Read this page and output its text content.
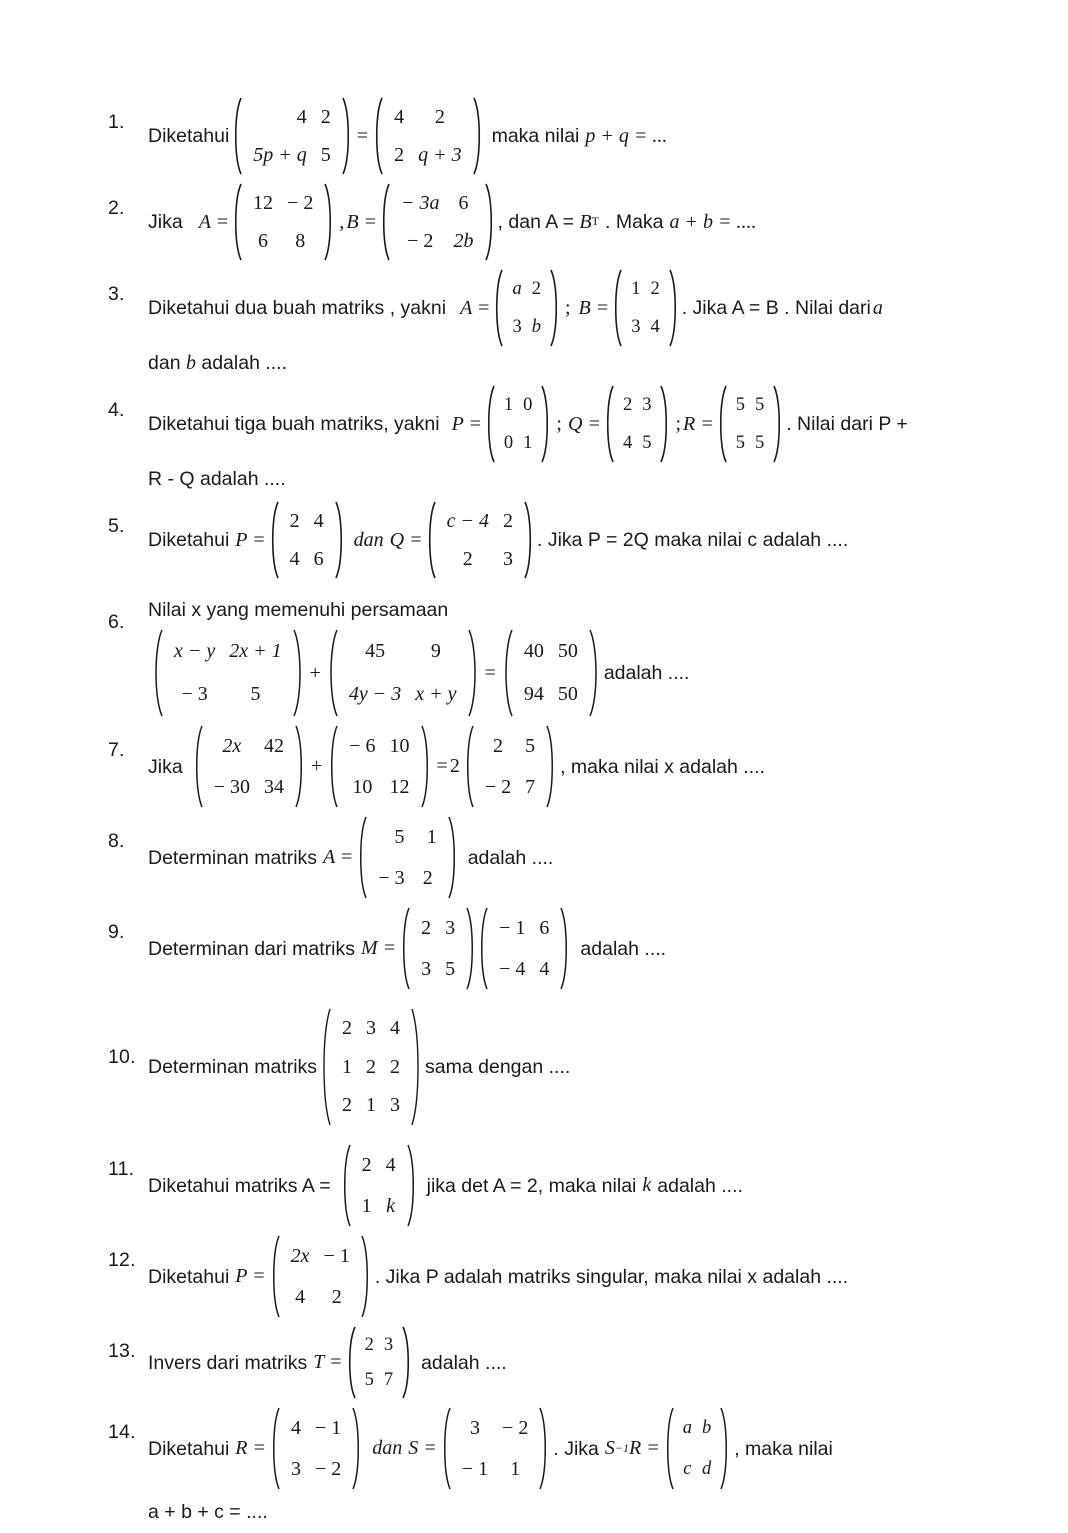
1.
Diketahui
4 2
5p + q 5
=
4	2
2 q + 3
maka nilai p + q = ...
2.
Jika A =
12 − 2
6	8
, B =
− 3a 6
− 2	2b
, dan A = B T . Maka a + b = ....
3.
Diketahui dua buah matriks , yakni A =
a 2
3 b
; B =
1 2
3 4
. Jika A = B . Nilai dari a
dan b adalah ....
4.
Diketahui tiga buah matriks, yakni P =
1 0
0 1
; Q =
2 3
4 5
; R =
5 5
5 5
. Nilai dari P +
R - Q adalah ....
5.
Diketahui P =
2 4
4 6
dan Q =
c − 4 2
2	3
. Jika P = 2Q maka nilai c adalah ....
6.
Nilai x yang memenuhi persamaan
x − y 2x + 1
− 3	5
+
45	9
4y − 3 x + y
=
40 50
94 50
adalah ....
7.
Jika
2x	42
− 30 34
+
− 6 10
10 12
= 2
2	5
− 2 7
, maka nilai x adalah ....
8.
Determinan matriks A =
5	1
− 3 2
adalah ....
9.
Determinan dari matriks M =
2 3
3 5
− 1 6
− 4 4
adalah ....
10. Determinan matriks
2 3 4
1 2 2
2 1 3
sama dengan ....
11.
Diketahui matriks A =
2 4
1 k
jika det A = 2, maka nilai k adalah ....
12.
Diketahui P =
2x − 1
4	2
. Jika P adalah matriks singular, maka nilai x adalah ....
13.
Invers dari matriks T =
2 3
5 7
adalah ....
14.
Diketahui R =
4 − 1
3 − 2
dan S =
3	− 2
− 1	1
. Jika S −1 R =
a b
c d
, maka nilai
a + b + c = ....
